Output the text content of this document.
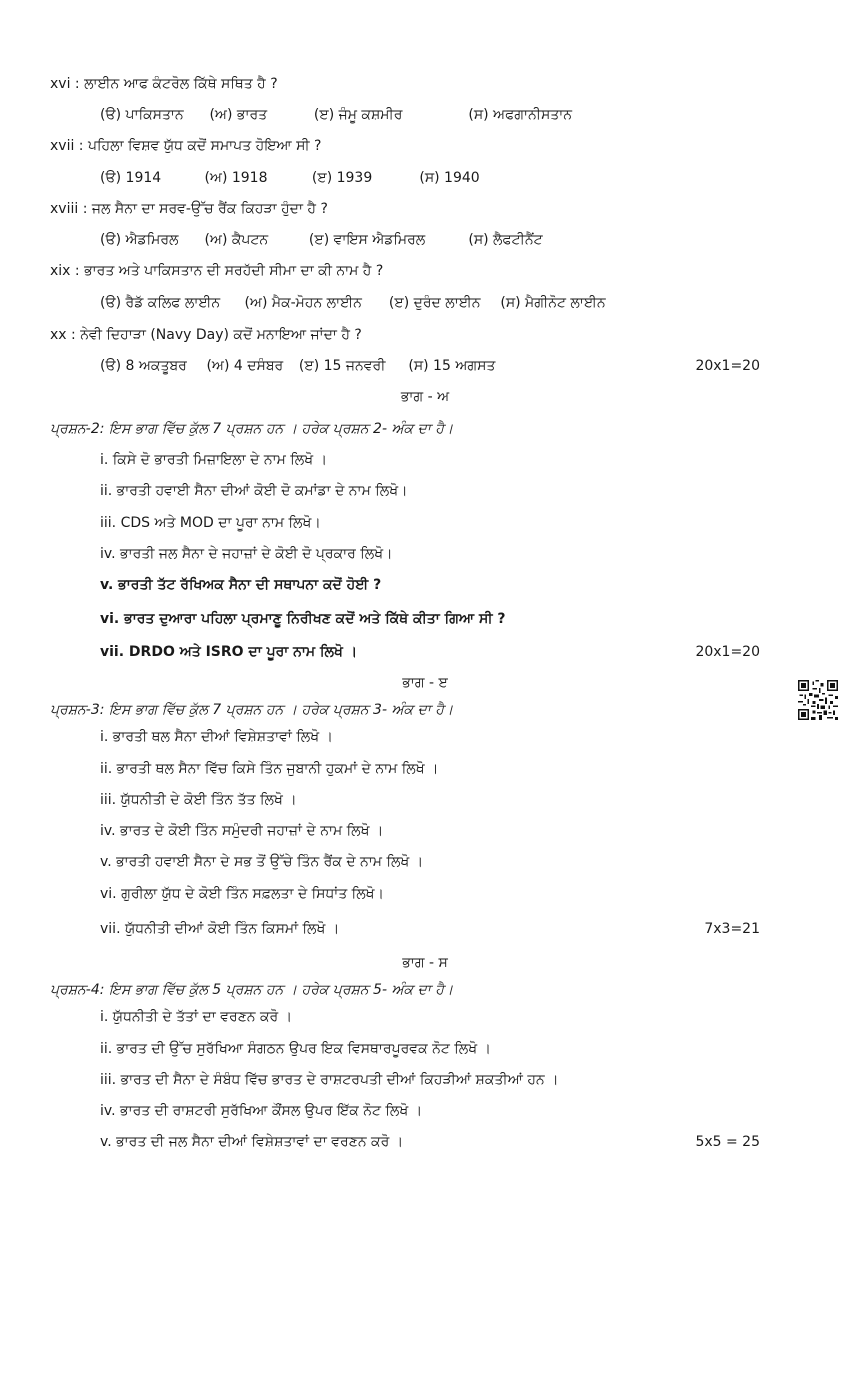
xvi : ਲਾਈਨ ਆਫ ਕੰਟਰੋਲ ਕਿੱਥੇ ਸਥਿਤ ਹੈ ?
(ੳ) ਪਾਕਿਸਤਾਨ (ਅ) ਭਾਰਤ	(ੲ) ਜੰਮੂ ਕਸ਼ਮੀਰ	(ਸ) ਅਫਗਾਨੀਸਤਾਨ
xvii : ਪਹਿਲਾ ਵਿਸ਼ਵ ਯੁੱਧ ਕਦੋਂ ਸਮਾਪਤ ਹੋਇਆ ਸੀ ?
(ੳ) 1914	(ਅ) 1918	(ੲ) 1939	(ਸ) 1940
xviii : ਜਲ ਸੈਨਾ ਦਾ ਸਰਵ-ਉੱਚ ਰੈਂਕ ਕਿਹੜਾ ਹੁੰਦਾ ਹੈ ?
(ੳ) ਐਡਮਿਰਲ (ਅ) ਕੈਪਟਨ	(ੲ) ਵਾਇਸ ਐਡਮਿਰਲ	(ਸ) ਲੈਫਟੀਨੈਂਟ
xix : ਭਾਰਤ ਅਤੇ ਪਾਕਿਸਤਾਨ ਦੀ ਸਰਹੱਦੀ ਸੀਮਾ ਦਾ ਕੀ ਨਾਮ ਹੈ ?
(ੳ) ਰੈਡੱ ਕਲਿਫ ਲਾਈਨ (ਅ) ਮੈਕ-ਮੋਹਨ ਲਾਈਨ (ੲ) ਦੁਰੰਦ ਲਾਈਨ (ਸ) ਮੈਗੀਨੋਟ ਲਾਈਨ
xx : ਨੇਵੀ ਦਿਹਾੜਾ (Navy Day) ਕਦੋਂ ਮਨਾਇਆ ਜਾਂਦਾ ਹੈ ?
(ੳ) 8 ਅਕਤੂਬਰ (ਅ) 4 ਦਸੰਬਰ (ੲ) 15 ਜਨਵਰੀ (ਸ) 15 ਅਗਸਤ	20x1=20
ਭਾਗ - ਅ
ਪ੍ਰਸ਼ਨ-2: ਇਸ ਭਾਗ ਵਿੱਚ ਕੁੱਲ 7 ਪ੍ਰਸ਼ਨ ਹਨ । ਹਰੇਕ ਪ੍ਰਸ਼ਨ 2- ਅੰਕ ਦਾ ਹੈ।
i. ਕਿਸੇ ਦੋ ਭਾਰਤੀ ਮਿਜ਼ਾਇਲਾ ਦੇ ਨਾਮ ਲਿਖੋ ।
ii. ਭਾਰਤੀ ਹਵਾਈ ਸੈਨਾ ਦੀਆਂ ਕੋਈ ਦੋ ਕਮਾਂਡਾ ਦੇ ਨਾਮ ਲਿਖੋ।
iii. CDS ਅਤੇ MOD ਦਾ ਪੂਰਾ ਨਾਮ ਲਿਖੋ।
iv. ਭਾਰਤੀ ਜਲ ਸੈਨਾ ਦੇ ਜਹਾਜ਼ਾਂ ਦੇ ਕੋਈ ਦੋ ਪ੍ਰਕਾਰ ਲਿਖੋ।
v. ਭਾਰਤੀ ਤੱਟ ਰੱਖਿਅਕ ਸੈਨਾ ਦੀ ਸਥਾਪਨਾ ਕਦੋਂ ਹੋਈ ?
vi. ਭਾਰਤ ਦੁਆਰਾ ਪਹਿਲਾ ਪ੍ਰਮਾਣੂ ਨਿਰੀਖਣ ਕਦੋਂ ਅਤੇ ਕਿੱਥੇ ਕੀਤਾ ਗਿਆ ਸੀ ?
vii. DRDO ਅਤੇ ISRO ਦਾ ਪੂਰਾ ਨਾਮ ਲਿਖੋ ।	20x1=20
ਭਾਗ - ੲ
ਪ੍ਰਸ਼ਨ-3: ਇਸ ਭਾਗ ਵਿੱਚ ਕੁੱਲ 7 ਪ੍ਰਸ਼ਨ ਹਨ । ਹਰੇਕ ਪ੍ਰਸ਼ਨ 3- ਅੰਕ ਦਾ ਹੈ।
i. ਭਾਰਤੀ ਥਲ ਸੈਨਾ ਦੀਆਂ ਵਿਸ਼ੇਸ਼ਤਾਵਾਂ ਲਿਖੋ ।
ii. ਭਾਰਤੀ ਥਲ ਸੈਨਾ ਵਿੱਚ ਕਿਸੇ ਤਿੰਨ ਜੁਬਾਨੀ ਹੁਕਮਾਂ ਦੇ ਨਾਮ ਲਿਖੋ ।
iii. ਯੁੱਧਨੀਤੀ ਦੇ ਕੋਈ ਤਿੰਨ ਤੱਤ ਲਿਖੋ ।
iv. ਭਾਰਤ ਦੇ ਕੋਈ ਤਿੰਨ ਸਮੁੰਦਰੀ ਜਹਾਜ਼ਾਂ ਦੇ ਨਾਮ ਲਿਖੋ ।
v. ਭਾਰਤੀ ਹਵਾਈ ਸੈਨਾ ਦੇ ਸਭ ਤੋਂ ਉੱਚੇ ਤਿੰਨ ਰੈਂਕ ਦੇ ਨਾਮ ਲਿਖੋ ।
vi. ਗੁਰੀਲਾ ਯੁੱਧ ਦੇ ਕੋਈ ਤਿੰਨ ਸਫ਼ਲਤਾ ਦੇ ਸਿਧਾਂਤ ਲਿਖੋ।
vii. ਯੁੱਧਨੀਤੀ ਦੀਆਂ ਕੋਈ ਤਿੰਨ ਕਿਸਮਾਂ ਲਿਖੋ ।	7x3=21
ਭਾਗ - ਸ
ਪ੍ਰਸ਼ਨ-4: ਇਸ ਭਾਗ ਵਿੱਚ ਕੁੱਲ 5 ਪ੍ਰਸ਼ਨ ਹਨ । ਹਰੇਕ ਪ੍ਰਸ਼ਨ 5- ਅੰਕ ਦਾ ਹੈ।
i. ਯੁੱਧਨੀਤੀ ਦੇ ਤੱਤਾਂ ਦਾ ਵਰਣਨ ਕਰੋ ।
ii. ਭਾਰਤ ਦੀ ਉੱਚ ਸੁਰੱਖਿਆ ਸੰਗਠਨ ਉਪਰ ਇਕ ਵਿਸਥਾਰਪੂਰਵਕ ਨੋਟ ਲਿਖੋ ।
iii. ਭਾਰਤ ਦੀ ਸੈਨਾ ਦੇ ਸੰਬੰਧ ਵਿੱਚ ਭਾਰਤ ਦੇ ਰਾਸ਼ਟਰਪਤੀ ਦੀਆਂ ਕਿਹੜੀਆਂ ਸ਼ਕਤੀਆਂ ਹਨ ।
iv. ਭਾਰਤ ਦੀ ਰਾਸ਼ਟਰੀ ਸੁਰੱਖਿਆ ਕੌਂਸਲ ਉਪਰ ਇੱਕ ਨੋਟ ਲਿਖੋ ।
v. ਭਾਰਤ ਦੀ ਜਲ ਸੈਨਾ ਦੀਆਂ ਵਿਸ਼ੇਸ਼ਤਾਵਾਂ ਦਾ ਵਰਣਨ ਕਰੋ ।	5x5 = 25
